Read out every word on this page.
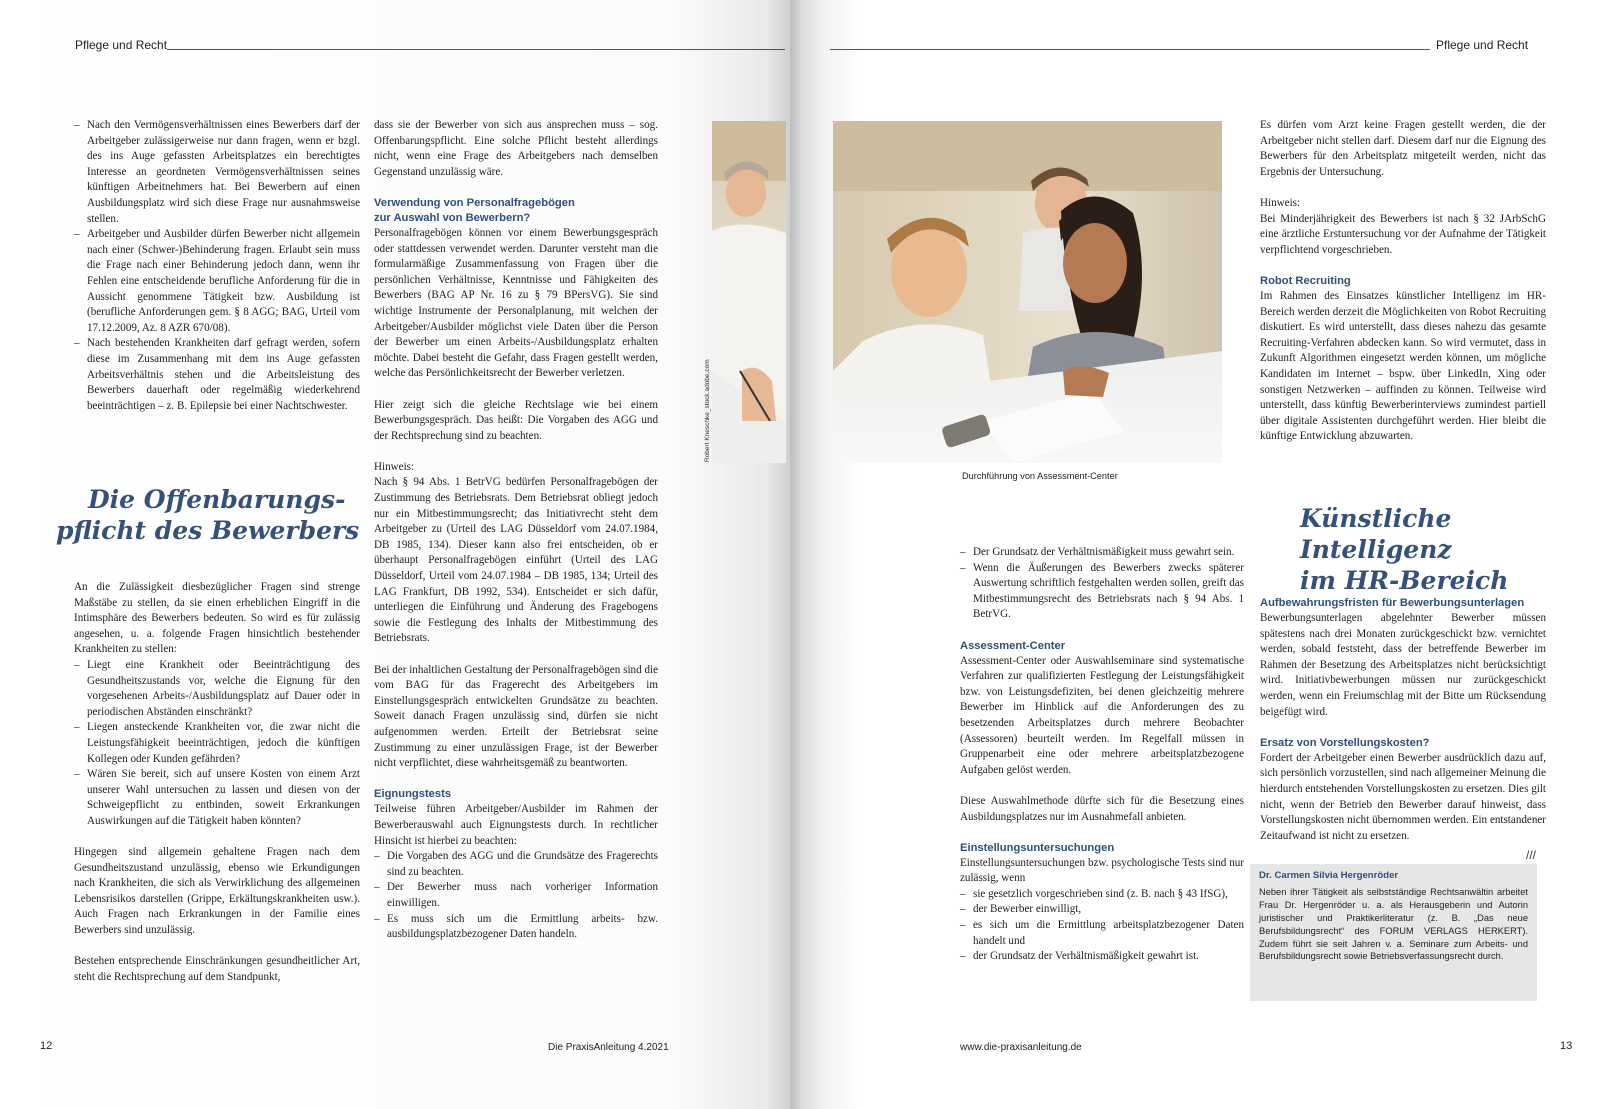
Pflege und Recht	Pflege und Recht
– Nach den Vermögensverhältnissen eines Bewerbers darf der Arbeitgeber zulässigerweise nur dann fragen, wenn er bzgl. des ins Auge gefassten Arbeitsplatzes ein berechtigtes Interesse an geordneten Vermögensverhältnissen seines künftigen Arbeitnehmers hat. Bei Bewerbern auf einen Ausbildungsplatz wird sich diese Frage nur ausnahmsweise stellen.
– Arbeitgeber und Ausbilder dürfen Bewerber nicht allgemein nach einer (Schwer-)Behinderung fragen. Erlaubt sein muss die Frage nach einer Behinderung jedoch dann, wenn ihr Fehlen eine entscheidende berufliche Anforderung für die in Aussicht genommene Tätigkeit bzw. Ausbildung ist (berufliche Anforderungen gem. § 8 AGG; BAG, Urteil vom 17.12.2009, Az. 8 AZR 670/08).
– Nach bestehenden Krankheiten darf gefragt werden, sofern diese im Zusammenhang mit dem ins Auge gefassten Arbeitsverhältnis stehen und die Arbeitsleistung des Bewerbers dauerhaft oder regelmäßig wiederkehrend beeinträchtigen – z. B. Epilepsie bei einer Nachtschwester.
Die Offenbarungs-
pflicht des Bewerbers

An die Zulässigkeit diesbezüglicher Fragen sind strenge Maßstäbe zu stellen, da sie einen erheblichen Eingriff in die Intimsphäre des Bewerbers bedeuten. So wird es für zulässig angesehen, u. a. folgende Fragen hinsichtlich bestehender Krankheiten zu stellen:

– Liegt eine Krankheit oder Beeinträchtigung des Gesundheitszustands vor, welche die Eignung für den vorgesehenen Arbeits-/Ausbildungsplatz auf Dauer oder in periodischen Abständen einschränkt?
– Liegen ansteckende Krankheiten vor, die zwar nicht die Leistungsfähigkeit beeinträchtigen, jedoch die künftigen Kollegen oder Kunden gefährden?
– Wären Sie bereit, sich auf unsere Kosten von einem Arzt unserer Wahl untersuchen zu lassen und diesen von der Schweigepflicht zu entbinden, soweit Erkrankungen Auswirkungen auf die Tätigkeit haben könnten?

Hingegen sind allgemein gehaltene Fragen nach dem Gesundheitszustand unzulässig, ebenso wie Erkundigungen nach Krankheiten, die sich als Verwirklichung des allgemeinen Lebensrisikos darstellen (Grippe, Erkältungskrankheiten usw.). Auch Fragen nach Erkrankungen in der Familie eines Bewerbers sind unzulässig.

Bestehen entsprechende Einschränkungen gesundheitlicher Art, steht die Rechtsprechung auf dem Standpunkt,

dass sie der Bewerber von sich aus ansprechen muss – sog. Offenbarungspflicht. Eine solche Pflicht besteht allerdings nicht, wenn eine Frage des Arbeitgebers nach demselben Gegenstand unzulässig wäre.

Verwendung von Personalfragebögen
zur Auswahl von Bewerbern?

Personalfragebögen können vor einem Bewerbungsgespräch oder stattdessen verwendet werden. Darunter versteht man die formularmäßige Zusammenfassung von Fragen über die persönlichen Verhältnisse, Kenntnisse und Fähigkeiten des Bewerbers (BAG AP Nr. 16 zu § 79 BPersVG). Sie sind wichtige Instrumente der Personalplanung, mit welchen der Arbeitgeber/Ausbilder möglichst viele Daten über die Person der Bewerber um einen Arbeits-/Ausbildungsplatz erhalten möchte. Dabei besteht die Gefahr, dass Fragen gestellt werden, welche das Persönlichkeitsrecht der Bewerber verletzen.

Hier zeigt sich die gleiche Rechtslage wie bei einem Bewerbungsgespräch. Das heißt: Die Vorgaben des AGG und der Rechtsprechung sind zu beachten.

Hinweis:

Nach § 94 Abs. 1 BetrVG bedürfen Personalfragebögen der Zustimmung des Betriebsrats. Dem Betriebsrat obliegt jedoch nur ein Mitbestimmungsrecht; das Initiativrecht steht dem Arbeitgeber zu (Urteil des LAG Düsseldorf vom 24.07.1984, DB 1985, 134). Dieser kann also frei entscheiden, ob er überhaupt Personalfragebögen einführt (Urteil des LAG Düsseldorf, Urteil vom 24.07.1984 – DB 1985, 134; Urteil des LAG Frankfurt, DB 1992, 534). Entscheidet er sich dafür, unterliegen die Einführung und Änderung des Fragebogens sowie die Festlegung des Inhalts der Mitbestimmung des Betriebsrats.

Bei der inhaltlichen Gestaltung der Personalfragebögen sind die vom BAG für das Fragerecht des Arbeitgebers im Einstellungsgespräch entwickelten Grundsätze zu beachten. Soweit danach Fragen unzulässig sind, dürfen sie nicht aufgenommen werden. Erteilt der Betriebsrat seine Zustimmung zu einer unzulässigen Frage, ist der Bewerber nicht verpflichtet, diese wahrheitsgemäß zu beantworten.

Eignungstests

Teilweise führen Arbeitgeber/Ausbilder im Rahmen der Bewerberauswahl auch Eignungstests durch. In rechtlicher Hinsicht ist hierbei zu beachten:

– Die Vorgaben des AGG und die Grundsätze des Fragerechts sind zu beachten.
– Der Bewerber muss nach vorheriger Information einwilligen.
– Es muss sich um die Ermittlung arbeits- bzw. ausbildungsplatzbezogener Daten handeln.
Robert Kneschke_stock.adobe.com
Durchführung von Assessment-Center
– Der Grundsatz der Verhältnismäßigkeit muss gewahrt sein.
– Wenn die Äußerungen des Bewerbers zwecks späterer Auswertung schriftlich festgehalten werden sollen, greift das Mitbestimmungsrecht des Betriebsrats nach § 94 Abs. 1 BetrVG.
Assessment-Center

Assessment-Center oder Auswahlseminare sind systematische Verfahren zur qualifizierten Festlegung der Leistungsfähigkeit bzw. von Leistungsdefiziten, bei denen gleichzeitig mehrere Bewerber im Hinblick auf die Anforderungen des zu besetzenden Arbeitsplatzes durch mehrere Beobachter (Assessoren) beurteilt werden. Im Regelfall müssen in Gruppenarbeit eine oder mehrere arbeitsplatzbezogene Aufgaben gelöst werden.

Diese Auswahlmethode dürfte sich für die Besetzung eines Ausbildungsplatzes nur im Ausnahmefall anbieten.

Einstellungsuntersuchungen

Einstellungsuntersuchungen bzw. psychologische Tests sind nur zulässig, wenn

– sie gesetzlich vorgeschrieben sind (z. B. nach § 43 IfSG),
– der Bewerber einwilligt,
– es sich um die Ermittlung arbeitsplatzbezogener Daten handelt und
– der Grundsatz der Verhältnismäßigkeit gewahrt ist.

Es dürfen vom Arzt keine Fragen gestellt werden, die der Arbeitgeber nicht stellen darf. Diesem darf nur die Eignung des Bewerbers für den Arbeitsplatz mitgeteilt werden, nicht das Ergebnis der Untersuchung.

Hinweis:

Bei Minderjährigkeit des Bewerbers ist nach § 32 JArbSchG eine ärztliche Erstuntersuchung vor der Aufnahme der Tätigkeit verpflichtend vorgeschrieben.

Robot Recruiting

Im Rahmen des Einsatzes künstlicher Intelligenz im HR-Bereich werden derzeit die Möglichkeiten von Robot Recruiting diskutiert. Es wird unterstellt, dass dieses nahezu das gesamte Recruiting-Verfahren abdecken kann. So wird vermutet, dass in Zukunft Algorithmen eingesetzt werden können, um mögliche Kandidaten im Internet – bspw. über LinkedIn, Xing oder sonstigen Netzwerken – auffinden zu können. Teilweise wird unterstellt, dass künftig Bewerberinterviews zumindest partiell über digitale Assistenten durchgeführt werden. Hier bleibt die künftige Entwicklung abzuwarten.

Künstliche Intelligenz
im HR-Bereich
Aufbewahrungsfristen für Bewerbungsunterlagen

Bewerbungsunterlagen abgelehnter Bewerber müssen spätestens nach drei Monaten zurückgeschickt bzw. vernichtet werden, sobald feststeht, dass der betreffende Bewerber im Rahmen der Besetzung des Arbeitsplatzes nicht berücksichtigt wird. Initiativbewerbungen müssen nur zurückgeschickt werden, wenn ein Freiumschlag mit der Bitte um Rücksendung beigefügt wird.

Ersatz von Vorstellungskosten?

Fordert der Arbeitgeber einen Bewerber ausdrücklich dazu auf, sich persönlich vorzustellen, sind nach allgemeiner Meinung die hierdurch entstehenden Vorstellungskosten zu ersetzen. Dies gilt nicht, wenn der Betrieb den Bewerber darauf hinweist, dass Vorstellungskosten nicht übernommen werden. Ein entstandener Zeitaufwand ist nicht zu ersetzen.

///
Dr. Carmen Silvia Hergenröder
Neben ihrer Tätigkeit als selbstständige Rechtsanwältin arbeitet Frau Dr. Hergenröder u. a. als Herausgeberin und Autorin juristischer und Praktikerliteratur (z. B. „Das neue Berufsbildungsrecht“ des FORUM VERLAGS HERKERT). Zudem führt sie seit Jahren v. a. Seminare zum Arbeits- und Berufsbildungsrecht sowie Betriebsverfassungsrecht durch.
12	Die PraxisAnleitung 4.2021	www.die-praxisanleitung.de	13
